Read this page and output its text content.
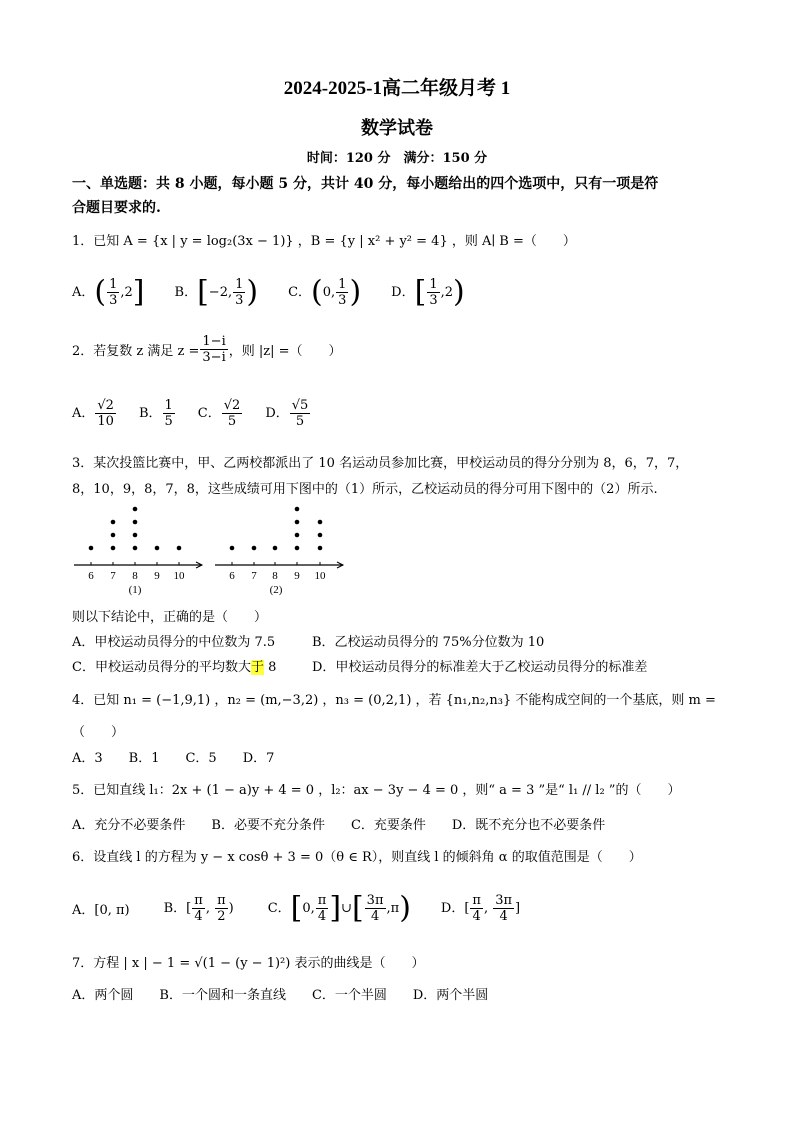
2024-2025-1高二年级月考 1
数学试卷
时间：120 分　满分：150 分
一、单选题：共 8 小题，每小题 5 分，共计 40 分，每小题给出的四个选项中，只有一项是符
合题目要求的.
1．已知 A = {x | y = log₂(3x − 1)} ，B = {y | x² + y² = 4} ，则 A∣ B =（　　）
A．( $\frac{1}{3} ,2$] B．[−2, $\frac{1}{3}$ ) C．(0, $\frac{1}{3}$ ) D．[ $\frac{1}{3} ,2$)
2．若复数 z 满足 $z = \frac{1-i}{3-i}$ ，则 |z| =（　　）
A． $\frac{√2}{10}$ B． $\frac{1}{5}$ C． $\frac{√2}{5}$ D． $\frac{√5}{5}$
3．某次投篮比赛中，甲、乙两校都派出了 10 名运动员参加比赛，甲校运动员的得分分别为 8，6，7，7，
8，10，9，8，7，8，这些成绩可用下图中的（1）所示，乙校运动员的得分可用下图中的（2）所示.
6 7 8 9 10
(1)
6 7 8 9 10
(2)
则以下结论中，正确的是（　　）
A．甲校运动员得分的中位数为 7.5	B．乙校运动员得分的 75%分位数为 10
C．甲校运动员得分的平均数大于 8	D．甲校运动员得分的标准差大于乙校运动员得分的标准差
4．已知 n₁ = (−1,9,1) ，n₂ = (m,−3,2) ，n₃ = (0,2,1) ，若 {n₁,n₂,n₃} 不能构成空间的一个基底，则 m =
（　　）
A．3　　B．1　　C．5　　D．7
5．已知直线 l₁：2x + (1 − a)y + 4 = 0 ，l₂：ax − 3y − 4 = 0 ，则“ a = 3 ”是“ l₁ // l₂ ”的（　　）
A．充分不必要条件　　B．必要不充分条件　　C．充要条件　　D．既不充分也不必要条件
6．设直线 l 的方程为 y − x cosθ + 3 = 0（θ ∈ R），则直线 l 的倾斜角 α 的取值范围是（　　）
A．[0, π)	B．[ $\frac{\pi}{4}$ , $\frac{\pi}{2}$ )	C．[0, $\frac{\pi}{4}$ ]∪[ $\frac{3\pi}{4} ,\pi$) D．[ $\frac{\pi}{4}$ , $\frac{3\pi}{4}$ ]
7．方程 | x | − 1 = √(1 − (y − 1)²) 表示的曲线是（　　）
A．两个圆　　B．一个圆和一条直线　　C．一个半圆　　D．两个半圆
